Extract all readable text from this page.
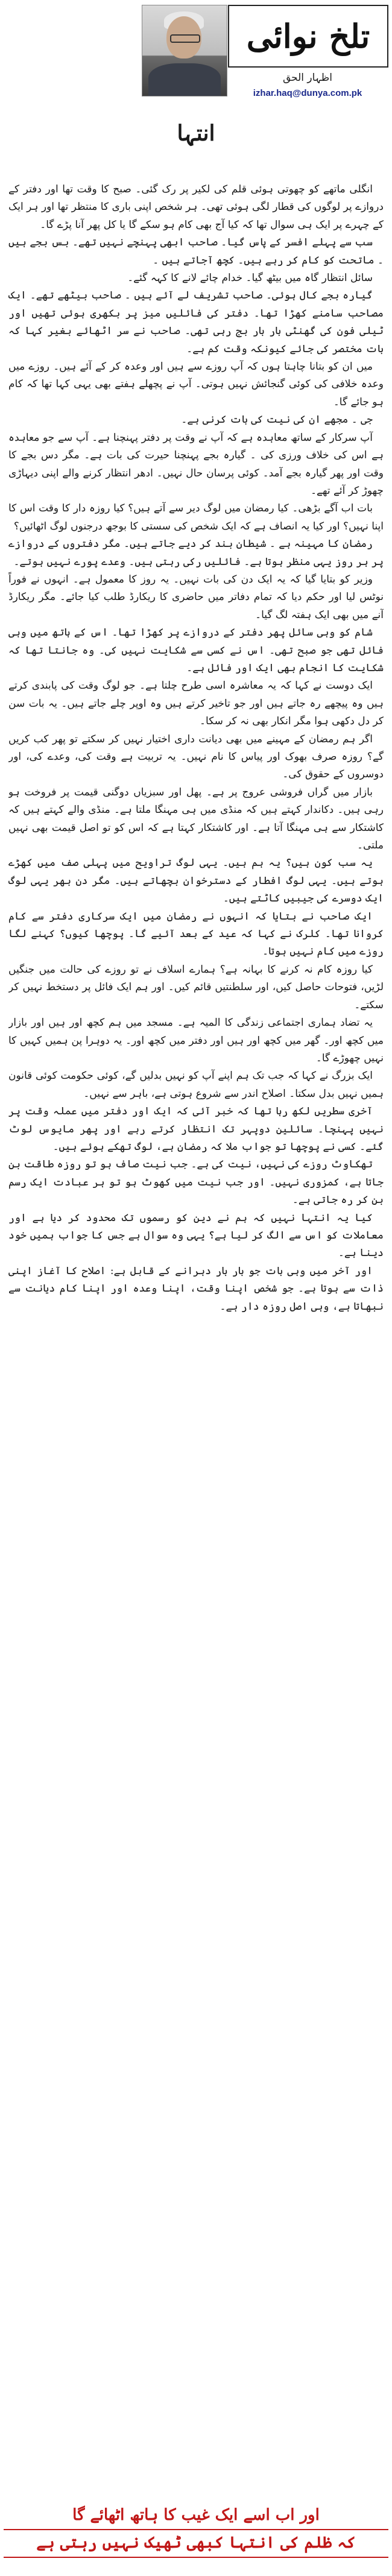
تلخ نوائی
اظہار الحق
izhar.haq@dunya.com.pk
انتہا

انگلی ماتھے کو چھوتی ہوئی قلم کی لکیر پر رک گئی۔ صبح کا وقت تھا اور دفتر کے دروازے پر لوگوں کی قطار لگی ہوئی تھی۔ ہر شخص اپنی باری کا منتظر تھا اور ہر ایک کے چہرے پر ایک ہی سوال تھا کہ کیا آج بھی کام ہو سکے گا یا کل پھر آنا پڑے گا۔

سب سے پہلے افسر کے پاس گیا۔ صاحب ابھی پہنچے نہیں تھے۔ بس بجے ہیں ۔ ماتحت کو کام کر رہے ہیں۔ کچھ آجاتے ہیں ۔

سائل انتظار گاہ میں بیٹھ گیا۔ خدام چائے لانے کا کہہ گئے۔

گیارہ بجے کال ہوئی۔ صاحب تشریف لے آئے ہیں ۔ صاحب بیٹھے تھے۔ ایک مصاحب سامنے کھڑا تھا۔ دفتر کی فائلیں میز پر بکھری ہوئی تھیں اور ٹیلی فون کی گھنٹی بار بار بج رہی تھی۔ صاحب نے سر اٹھائے بغیر کہا کہ بات مختصر کی جائے کیونکہ وقت کم ہے۔

میں ان کو بتانا چاہتا ہوں کہ آپ روزے سے ہیں اور وعدہ کر کے آئے ہیں۔ روزے میں وعدہ خلافی کی کوئی گنجائش نہیں ہوتی۔ آپ نے پچھلے ہفتے بھی یہی کہا تھا کہ کام ہو جائے گا۔

جی ۔ مجھے ان کی نیت کی بات کرنی ہے۔

آپ سرکار کے ساتھ معاہدہ ہے کہ آپ نے وقت پر دفتر پہنچنا ہے۔ آپ سے جو معاہدہ ہے اس کی خلاف ورزی کی ۔ گیارہ بجے پہنچنا حیرت کی بات ہے۔ مگر دس بجے کا وقت اور پھر گیارہ بجے آمد۔ کوئی پرسان حال نہیں۔ ادھر انتظار کرنے والے اپنی دیہاڑی چھوڑ کر آئے تھے۔

بات اب آگے بڑھی۔ کیا رمضان میں لوگ دیر سے آتے ہیں؟ کیا روزہ دار کا وقت اس کا اپنا نہیں؟ اور کیا یہ انصاف ہے کہ ایک شخص کی سستی کا بوجھ درجنوں لوگ اٹھائیں؟

رمضان کا مہینہ ہے ۔ شیطان بند کر دیے جاتے ہیں۔ مگر دفتروں کے دروازے پر ہر روز یہی منظر ہوتا ہے۔ فائلیں رکی رہتی ہیں۔ وعدے پورے نہیں ہوتے۔

وزیر کو بتایا گیا کہ یہ ایک دن کی بات نہیں۔ یہ روز کا معمول ہے۔ انہوں نے فوراً نوٹس لیا اور حکم دیا کہ تمام دفاتر میں حاضری کا ریکارڈ طلب کیا جائے۔ مگر ریکارڈ آنے میں بھی ایک ہفتہ لگ گیا۔

شام کو وہی سائل پھر دفتر کے دروازے پر کھڑا تھا۔ اس کے ہاتھ میں وہی فائل تھی جو صبح تھی۔ اس نے کسی سے شکایت نہیں کی۔ وہ جانتا تھا کہ شکایت کا انجام بھی ایک اور فائل ہے۔

ایک دوست نے کہا کہ یہ معاشرہ اسی طرح چلتا ہے۔ جو لوگ وقت کی پابندی کرتے ہیں وہ پیچھے رہ جاتے ہیں اور جو تاخیر کرتے ہیں وہ اوپر چلے جاتے ہیں۔ یہ بات سن کر دل دکھی ہوا مگر انکار بھی نہ کر سکا۔

اگر ہم رمضان کے مہینے میں بھی دیانت داری اختیار نہیں کر سکتے تو پھر کب کریں گے؟ روزہ صرف بھوک اور پیاس کا نام نہیں۔ یہ تربیت ہے وقت کی، وعدے کی، اور دوسروں کے حقوق کی۔

بازار میں گراں فروشی عروج پر ہے۔ پھل اور سبزیاں دوگنی قیمت پر فروخت ہو رہی ہیں۔ دکاندار کہتے ہیں کہ منڈی میں ہی مہنگا ملتا ہے۔ منڈی والے کہتے ہیں کہ کاشتکار سے ہی مہنگا آتا ہے۔ اور کاشتکار کہتا ہے کہ اس کو تو اصل قیمت بھی نہیں ملتی۔

یہ سب کون ہیں؟ یہ ہم ہیں۔ یہی لوگ تراویح میں پہلی صف میں کھڑے ہوتے ہیں۔ یہی لوگ افطار کے دسترخوان بچھاتے ہیں۔ مگر دن بھر یہی لوگ ایک دوسرے کی جیبیں کاٹتے ہیں۔

ایک صاحب نے بتایا کہ انہوں نے رمضان میں ایک سرکاری دفتر سے کام کروانا تھا۔ کلرک نے کہا کہ عید کے بعد آئیے گا۔ پوچھا کیوں؟ کہنے لگا روزے میں کام نہیں ہوتا۔

کیا روزہ کام نہ کرنے کا بہانہ ہے؟ ہمارے اسلاف نے تو روزے کی حالت میں جنگیں لڑیں، فتوحات حاصل کیں، اور سلطنتیں قائم کیں۔ اور ہم ایک فائل پر دستخط نہیں کر سکتے۔

یہ تضاد ہماری اجتماعی زندگی کا المیہ ہے۔ مسجد میں ہم کچھ اور ہیں اور بازار میں کچھ اور۔ گھر میں کچھ اور ہیں اور دفتر میں کچھ اور۔ یہ دوہرا پن ہمیں کہیں کا نہیں چھوڑے گا۔

ایک بزرگ نے کہا کہ جب تک ہم اپنے آپ کو نہیں بدلیں گے، کوئی حکومت کوئی قانون ہمیں نہیں بدل سکتا۔ اصلاح اندر سے شروع ہوتی ہے، باہر سے نہیں۔

آخری سطریں لکھ رہا تھا کہ خبر آئی کہ ایک اور دفتر میں عملہ وقت پر نہیں پہنچا۔ سائلین دوپہر تک انتظار کرتے رہے اور پھر مایوس لوٹ گئے۔ کسی نے پوچھا تو جواب ملا کہ رمضان ہے، لوگ تھکے ہوئے ہیں۔

تھکاوٹ روزے کی نہیں، نیت کی ہے۔ جب نیت صاف ہو تو روزہ طاقت بن جاتا ہے، کمزوری نہیں۔ اور جب نیت میں کھوٹ ہو تو ہر عبادت ایک رسم بن کر رہ جاتی ہے۔

کیا یہ انتہا نہیں کہ ہم نے دین کو رسموں تک محدود کر دیا ہے اور معاملات کو اس سے الگ کر لیا ہے؟ یہی وہ سوال ہے جس کا جواب ہمیں خود دینا ہے۔

اور آخر میں وہی بات جو بار بار دہرانے کے قابل ہے: اصلاح کا آغاز اپنی ذات سے ہوتا ہے۔ جو شخص اپنا وقت، اپنا وعدہ اور اپنا کام دیانت سے نبھاتا ہے، وہی اصل روزہ دار ہے۔

اور اب اسے ایک غیب کا ہاتھ اٹھائے گا
کہ ظلم کی انتہا کبھی ٹھیک نہیں رہتی ہے
